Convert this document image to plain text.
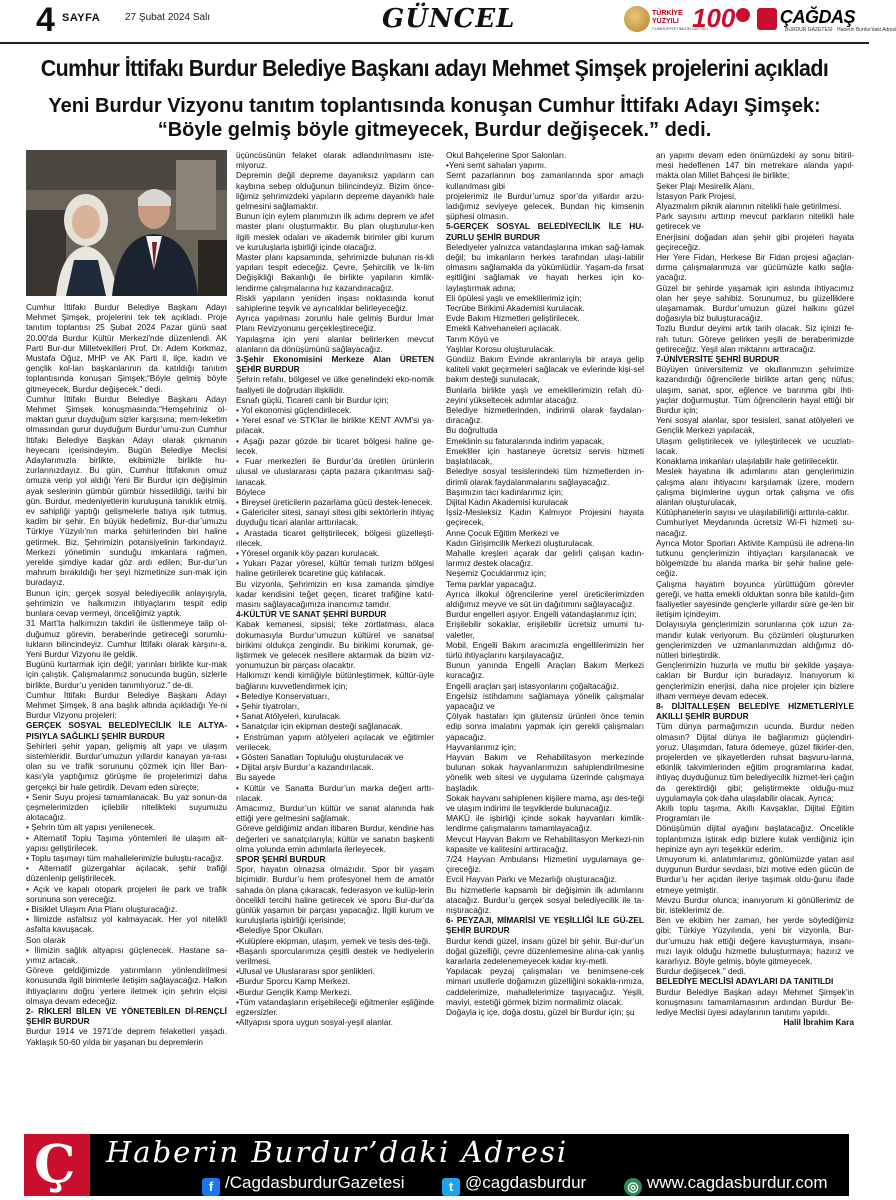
4 SAYFA 27 Şubat 2024 Salı	GÜNCEL	TÜRKİYE YÜZYILI
CUMHURİYETİMİZİN 100. YILI
100 ÇAĞDAŞ
BURDUR GAZETESİ · Haberin Burdur'daki Adresi
Cumhur İttifakı Burdur Belediye Başkanı adayı Mehmet Şimşek projelerini açıkladı
Yeni Burdur Vizyonu tanıtım toplantısında konuşan Cumhur İttifakı Adayı Şimşek:
“Böyle gelmiş böyle gitmeyecek, Burdur değişecek.” dedi.

Cumhur İttifakı Burdur Belediye Başkanı Adayı Mehmet Şimşek, projelerini tek tek açıkladı. Proje tanıtım toplantısı 25 Şubat 2024 Pazar günü saat 20.00'da Burdur Kültür Merkezi'nde düzenlendi. AK Parti Bur-dur Milletvekilleri Prof. Dr. Adem Korkmaz, Mustafa Oğuz, MHP ve AK Parti il, ilçe, kadın ve gençlik kol-ları başkanlarının da katıldığı tanıtım toplantısında konuşan Şimşek;“Böyle gelmiş böyle gitmeyecek, Burdur değişecek.” dedi.

Cumhur İttifakı Burdur Belediye Başkanı Adayı Mehmet Şimşek konuşmasında:“Hemşehriniz ol-maktan gurur duyduğum sizler karşısına; mem-leketim olmasından gurur duyduğum Burdur’umu-zun Cumhur İttifakı Belediye Başkan Adayı olarak çıkmanın heyecanı içerisindeyim. Bugün Belediye Meclisi Adaylarımızla birlikte, ekibimizle birlikte hu-zurlarınızdayız. Bu gün, Cumhur İttifakının omuz omuza verip yol aldığı Yeni Bir Burdur için değişimin ayak seslerinin gümbür gümbür hissedildiği, tarihi bir gün. Burdur, medeniyetlerin kuruluşuna tanıklık etmiş, ev sahipliği yaptığı gelişmelerle batıya ışık tutmuş, kadim bir şehir. En büyük hedefimiz, Bur-dur’umuzu Türkiye Yüzyılı’nın marka şehirlerinden biri haline getirmek. Biz, Şehrimizin potansiyelinin farkındayız. Merkezi yönetimin sunduğu imkanlara rağmen, yerelde şimdiye kadar göz ardı edilen; Bur-dur’un mahrum bırakıldığı her şeyi hizmetinize sun-mak için buradayız.

Bunun için; gerçek sosyal belediyecilik anlayışıyla, şehrimizin ve halkımızın ihtiyaçlarını tespit edip bunlara cevap vermeyi, önceliğimiz yaptık.

31 Mart’ta halkımızın takdiri ile üstlenmeye talip ol-duğumuz görevin, beraberinde getireceği sorumlu-lukların bilincindeyiz. Cumhur İttifakı olarak karşını-a, Yeni Burdur Vizyonu ile geldik.

Bugünü kurtarmak için değil; yarınları birlikte kur-mak için çalıştık. Çalışmalarımız sonucunda bugün, sizlerle birlikte, Burdur’u yeniden tanımlıyoruz.” de-di.

Cumhur İttifakı Burdur Belediye Başkanı Adayı Mehmet Şimşek, 8 ana başlık altında açıkladığı Ye-ni Burdur Vizyonu projeleri:

GERÇEK SOSYAL BELEDİYECİLİK İLE ALTYA-PISIYLA SAĞLIKLI ŞEHİR BURDUR

Şehirleri şehir yapan, gelişmiş alt yapı ve ulaşım sistemleridir. Burdur’umuzun yıllardır kanayan ya-rası olan su ve trafik sorununu çözmek için İller Ban-kası’yla yaptığımız görüşme ile projelerimizi daha gerçekçi bir hale getirdik. Devam eden süreçte;

• Senir Suyu projesi tamamlanacak. Bu yaz sonun-da çeşmelerimizden içilebilir nitelikteki suyumuzu akıtacağız.

• Şehrin tüm alt yapısı yenilenecek.

• Alternatif Toplu Taşıma yöntemleri ile ulaşım alt-yapısı geliştirilecek.

• Toplu taşımayı tüm mahallelerimizle buluştu-racağız.

• Alternatif güzergahlar açılacak, şehir trafiği düzenlenip geliştirilecek.

• Açık ve kapalı otopark projeleri ile park ve trafik sorununa son vereceğiz.

• Bisiklet Ulaşım Ana Planı oluşturacağız.

• İlimizde asfaltsız yol kalmayacak. Her yol nitelikli asfalta kavuşacak.

Son olarak

• İlimizin sağlık altyapısı güçlenecek. Hastane sa-yımız artacak.

Göreve geldiğimizde yatırımların yönlendirilmesi konusunda ilgili birimlerle iletişim sağlayacağız. Halkın ihtiyaçlarını doğru yerlere iletmek için şehrin elçisi olmaya devam edeceğiz.

2- RİKLERİ BİLEN VE YÖNETEBİLEN Dİ-RENÇLİ ŞEHİR BURDUR

Burdur 1914 ve 1971’de deprem felaketleri yaşadı. Yaklaşık 50-60 yılda bir yaşanan bu depremlerin

üçüncüsünün felaket olarak adlandırılmasını iste-miyoruz.

Depremin değil depreme dayanıksız yapıların can kaybına sebep olduğunun bilincindeyiz. Bizim önce-liğimiz şehrimizdeki yapıların depreme dayanıklı hale gelmesini sağlamaktır.

Bunun için eylem planımızın ilk adımı deprem ve afet master planı oluşturmaktır. Bu plan oluşturulur-ken ilgili meslek odaları ve akademik birimler gibi kurum ve kuruluşlarla işbirliği içinde olacağız.

Master planı kapsamında, şehrimizde bulunan ris-kli yapıları tespit edeceğiz. Çevre, Şehircilik ve İk-lim Değişikliği Bakanlığı ile birlikte yapıların kimlik-lendirme çalışmalarına hız kazandıracağız.

Riskli yapıların yeniden inşası noktasında konut sahiplerine teşvik ve ayrıcalıklar belirleyeceğiz.

Ayrıca yapılması zorunlu hale gelmiş Burdur İmar Planı Revizyonunu gerçekleştireceğiz.

Yapılaşma için yeni alanlar belirlerken mevcut alanların da dönüşümünü sağlayacağız.

3-Şehir Ekonomisini Merkeze Alan ÜRETEN ŞEHİR BURDUR

Şehrin refahı, bölgesel ve ülke genelindeki eko-nomik faaliyeti ile doğrudan ilişkilidir.

Esnafı güçlü, Ticareti canlı bir Burdur için;

• Yol ekonomisi güçlendirilecek.

• Yerel esnaf ve STK’lar ile birlikte KENT AVM’si ya-pılacak.

• Aşağı pazar gözde bir ticaret bölgesi haline ge-lecek.

• Fuar merkezleri ile Burdur’da üretilen ürünlerin ulusal ve uluslararası çapta pazara çıkarılması sağ-lanacak.

Böylece

• Bireysel üreticilerin pazarlama gücü destek-lenecek.

• Galericiler sitesi, sanayi sitesi gibi sektörlerin ihtiyaç duyduğu ticari alanlar arttırılacak.

• Arastada ticaret geliştirilecek, bölgesi güzelleşti-rilecek.

• Yöresel organik köy pazarı kurulacak.

• Yukarı Pazar yöresel, kültür temalı turizm bölgesi haline getirilerek ticaretine güç katılacak.

Bu vizyonla, Şehrimizin en kısa zamanda şimdiye kadar kendisini teğet geçen, ticaret trafiğine katıl-masını sağlayacağımıza inancımız tamdır.

4-KÜLTÜR VE SANAT ŞEHRİ BURDUR

Kabak kemanesi, sipsisi; teke zortlatması, alaca dokumasıyla Burdur’umuzun kültürel ve sanatsal birikimi oldukça zengindir. Bu birikimi korumak, ge-liştirmek ve gelecek nesillere aktarmak da bizim viz-yonumuzun bir parçası olacaktır.

Halkımızı kendi kimliğiyle bütünleştirmek, kültür-üyle bağlarını kuvvetlendirmek için;

• Belediye Konservatuarı,

• Şehir tiyatroları,

• Sanat Atölyeleri, kurulacak.

• Sanatçılar için ekipman desteği sağlanacak.

• Enstrüman yapım atölyeleri açılacak ve eğitimler verilecek.

• Gösteri Sanatları Topluluğu oluşturulacak ve

• Dijital arşiv Burdur’a kazandırılacak.

Bu sayede

• Kültür ve Sanatta Burdur’un marka değeri arttı-rılacak.

Amacımız, Burdur’un kültür ve sanat alanında hak ettiği yere gelmesini sağlamak.

Göreve geldiğimiz andan itibaren Burdur, kendine has değerleri ve sanatçılarıyla; kültür ve sanatın başkenti olma yolunda emin adımlarla ilerleyecek.

SPOR ŞEHRİ BURDUR

Spor, hayatın olmazsa olmazıdır. Spor bir yaşam biçimidir. Burdur’u hem profesyonel hem de amatör sahada ön plana çıkaracak, federasyon ve kulüp-lerin öncelikli tercihi haline getirecek ve sporu Bur-dur’da günlük yaşamın bir parçası yapacağız. İlgili kurum ve kuruluşlarla işbirliği içerisinde;

•Belediye Spor Okulları.

•Kulüplere ekipman, ulaşım, yemek ve tesis des-teği.

•Başarılı sporcularımıza çeşitli destek ve hediyelerin verilmesi.

•Ulusal ve Uluslararası spor şenlikleri.

•Burdur Sporcu Kamp Merkezi.

•Burdur Gençlik Kamp Merkezi.

•Tüm vatandaşların erişebileceği eğitmenler eşliğinde egzersizler.

•Altyapısı spora uygun sosyal-yeşil alanlar.

Okul Bahçelerine Spor Salonları.

•Yeni semt sahaları yapımı.

Semt pazarlarının boş zamanlarında spor amaçlı kullanılması gibi

projelerimiz ile Burdur’umuz spor’da yıllardır arzu-ladığımız seviyeye gelecek. Bundan hiç kimsenin şüphesi olmasın.

5-GERÇEK SOSYAL BELEDİYECİLİK İLE HU-ZURLU ŞEHİR BURDUR

Belediyeler yalnızca vatandaşlarına imkan sağ-lamak değil; bu imkanların herkes tarafından ulaşı-labilir olmasını sağlamakla da yükümlüdür. Yaşam-da fırsat eşitliğini sağlamak ve hayatı herkes için ko-laylaştırmak adına;

Eli öpülesi yaşlı ve emeklilerimiz için;

Tecrübe Birikimi Akademisi kurulacak.

Evde Bakım Hizmetleri geliştirilecek.

Emekli Kahvehaneleri açılacak.

Tarım Köyü ve

Yaşlılar Korosu oluşturulacak.

Gündüz Bakım Evinde akranlarıyla bir araya gelip kaliteli vakit geçirmeleri sağlacak ve evlerinde kişi-sel bakım desteği sunulacak,

Bunlarla birlikte yaşlı ve emeklilerimizin refah dü-zeyini yükseltecek adımlar atacağız.

Belediye hizmetlerinden, indirimli olarak faydalan-dıracağız.

Bu doğrultuda

Emeklinin su faturalarında indirim yapacak,

Emekliler için hastaneye ücretsiz servis hizmeti başlatılacak,

Belediye sosyal tesislerindeki tüm hizmetlerden in-dirimli olarak faydalanmalarını sağlayacağız.

Başımızın tacı kadınlarımız için;

Dijital Kadın Akademisi kurulacak

İşsiz-Mesleksiz Kadın Kalmıyor Projesini hayata geçirecek,

Anne Çocuk Eğitim Merkezi ve

Kadın Girişimcilik Merkezi oluşturulacak.

Mahalle kreşleri açarak dar gelirli çalışan kadın-larımız destek olacağız.

Neşemiz Çocuklarımız için;

Tema parklar yapacağız.

Ayrıca ilkokul öğrencilerine yerel üreticilerimizden aldığımız meyve ve süt ün dağıtımını sağlayacağız.

Burdur engelleri aşıyor. Engelli vatandaşlarımız için;

Erişilebilir sokaklar, erişilebilir ücretsiz umumi tu-valetler,

Mobil, Engelli Bakım aracımızla engellilerimizin her türlü ihtiyaçlarını karşılayacağız,

Bunun yanında Engelli Araçları Bakım Merkezi kuracağız.

Engelli araçları şarj istasyonlarını çoğaltacağız.

Engelsiz istihdamını sağlamaya yönelik çalışmalar yapacağız ve

Çölyak hastaları için glutensiz ürünleri önce temin edip sonra imalatını yapmak için gerekli çalışmaları yapacağız.

Hayvanlarımız için;

Hayvan Bakım ve Rehabilitasyon merkezinde bulunan sokak hayvanlarımızın sahiplendirilmesine yönelik web sitesi ve uygulama üzerinde çalışmaya başladık.

Sokak hayvanı sahiplenen kişilere mama, aşı des-teği ve ulaşım indirimi ile teşviklerde bulunacağız.

MAKÜ ile işbirliği içinde sokak hayvanları kimlik-lendirme çalışmalarını tamamlayacağız.

Mevcut Hayvan Bakım ve Rehabilitasyon Merkezi-nin kapasite ve kalitesini arttıracağız.

7/24 Hayvan Ambulansı Hizmetini uygulamaya ge-çireceğiz.

Evcil Hayvan Parkı ve Mezarlığı oluşturacağız.

Bu hizmetlerle kapsamlı bir değişimin ilk adımlarını atacağız. Burdur’u gerçek sosyal belediyecilik ile ta-nıştıracağız.

6- PEYZAJI, MİMARİSİ VE YEŞİLLİĞİ İLE GÜ-ZEL ŞEHİR BURDUR

Burdur kendi güzel, insanı güzel bir şehir. Bur-dur’un doğal güzelliği, çevre düzenlemesine alına-cak yanlış kararlarla zedelenemeyecek kadar kıy-metli.

Yapılacak peyzaj çalışmaları ve benimsene-cek mimari usullerle doğamızın güzelliğini sokakla-rımıza, caddelerimize, mahallelerimize taşıyacağız. Yeşili, maviyi, estetiği görmek bizim normalimiz olacak.

Doğayla iç içe, doğa dostu, güzel bir Burdur için; şu

an yapımı devam eden önümüzdeki ay sonu bitiril-mesi hedeflenen 147 bin metrekare alanda yapıl-makta olan Millet Bahçesi ile birlikte;

Şeker Plajı Mesirelik Alanı,

İstasyon Park Projesi,

Alyazmalım piknik alanının nitelikli hale getirilmesi.

Park sayısını arttırıp mevcut parkların nitelikli hale getirecek ve

Enerjisini doğadan alan şehir gibi projeleri hayata geçireceğiz.

Her Yere Fidan, Herkese Bir Fidan projesi ağaçlan-dırma çalışmalarımıza var gücümüzle katkı sağla-yacağız.

Güzel bir şehirde yaşamak için aslında ihtiyacımız olan her şeye sahibiz. Sorunumuz, bu güzelliklere ulaşamamak. Burdur’umuzun güzel halkını güzel doğasıyla biz buluşturacağız.

Tozlu Burdur deyimi artık tarih olacak. Siz içinizi fe-rah tutun. Göreve gelirken yeşili de beraberimizde getireceğiz. Yeşil alan miktarını arttıracağız.

7-ÜNİVERSİTE ŞEHRİ BURDUR

Büyüyen üniversitemiz ve okullarımızın şehrimize kazandırdığı öğrencilerle birlikte artan genç nüfus; ulaşım, sanat, spor, eğlence ve barınma gibi ihti-yaçlar doğurmuştur. Tüm öğrencilerin hayal ettiği bir Burdur için;

Yeni sosyal alanlar, spor tesisleri, sanat atölyeleri ve Gençlik Merkezi yapılacak,

Ulaşım geliştirilecek ve iyileştirilecek ve ucuzlatı-lacak.

Konaklama imkanları ulaşılabilir hale getirilecektir.

Meslek hayatına ilk adımlarını atan gençlerimizin çalışma alanı ihtiyacını karşılamak üzere, modern çalışma biçimlerine uygun ortak çalışma ve ofis alanları oluşturulacak,

Kütüphanelerin sayısı ve ulaşılabilirliği arttırıla-caktır.

Cumhuriyet Meydanında ücretsiz Wi-Fi hizmeti su-nacağız.

Ayrıca Motor Sporları Aktivite Kampüsü ile adrena-lin tutkunu gençlerimizin ihtiyaçları karşılanacak ve bölgemizde bu alanda marka bir şehir haline gele-ceğiz.

Çalışma hayatım boyunca yürüttüğüm görevler gereği, ve hatta emekli olduktan sonra bile katıldı-ğım faaliyetler sayesinde gençlerle yıllardır süre ge-len bir iletişim içindeyim.

Dolayısıyla gençlerimizin sorunlarına çok uzun za-mandır kulak veriyorum. Bu çözümleri oluştururken gençlerimizden ve uzmanlarımızdan aldığımız dö-nütleri birleştirdik.

Gençlerimizin huzurla ve mutlu bir şekilde yaşaya-cakları bir Burdur için buradayız. İnanıyorum ki gençlerimizin enerjisi, daha nice projeler için bizlere ilham vermeye devam edecek.

8- DİJİTALLEŞEN BELEDİYE HİZMETLERİYLE AKILLI ŞEHİR BURDUR

Tüm dünya parmağımızın ucunda. Burdur neden olmasın? Dijital dünya ile bağlarımızı güçlendiri-yoruz. Ulaşımdan, fatura ödemeye, güzel fikirler-den, projelerden ve şikayetlerden ruhsat başvuru-larına, etkinlik takvimlerinden eğitim programlarına kadar, ihtiyaç duyduğunuz tüm belediyecilik hizmet-leri çağın da gerektirdiği gibi; geliştirmekte olduğu-muz uygulamayla çok daha ulaşılabilir olacak. Ayrıca;

Akıllı toplu taşıma, Akıllı Kavşaklar, Dijital Eğitim Programları ile

Dönüşümün dijital ayağını başlatacağız. Öncelikle toplantımıza iştirak edip bizlere kulak verdiğiniz için hepinize ayrı ayrı teşekkür ederim.

Umuyorum ki, anlatımlarımız, gönlümüzde yatan asıl duygunun Burdur sevdası, bizi motive eden gücün de Burdur’u her açıdan ileriye taşımak oldu-ğunu ifade etmeye yetmiştir.

Mevzu Burdur olunca; inanıyorum ki gönüllerimiz de bir, isteklerimiz de.

Ben ve ekibim her zaman, her yerde söylediğimiz gibi; Türkiye Yüzyılında, yeni bir vizyonla, Bur-dur’umuzu hak ettiği değere kavuşturmaya, insanı-mızı layık olduğu hizmetle buluşturmaya; hazırız ve kararlıyız. Böyle gelmiş, böyle gitmeyecek.

Burdur değişecek.” dedi.

BELEDİYE MECLİSİ ADAYLARI DA TANITILDI

Burdur Belediye Başkan adayı Mehmet Şimşek’in konuşmasını tamamlamasının ardından Burdur Be-lediye Meclisi üyesi adaylarının tanıtımı yapıldı.

Halil İbrahim Kara

Ç Haberin Burdur’daki Adresi
f /CagdasburdurGazetesi	t @cagdasburdur	◎ www.cagdasburdur.com
